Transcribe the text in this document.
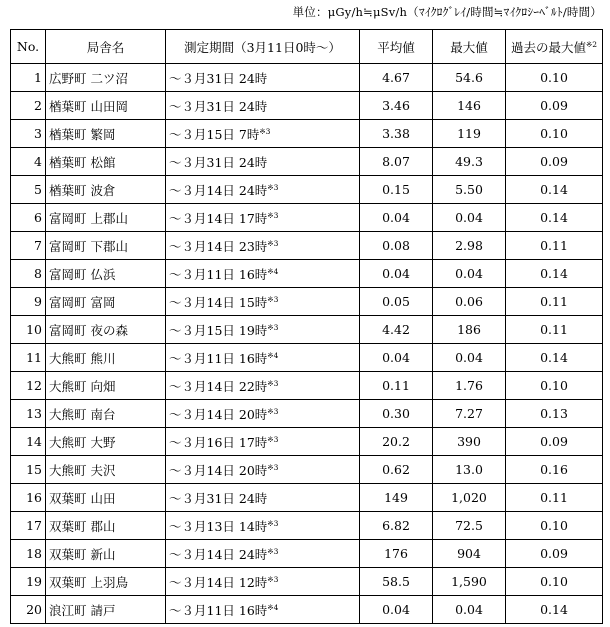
単位：μGy/h≒μSv/h（ﾏｲｸﾛｸﾞﾚｲ/時間≒ﾏｲｸﾛｼｰﾍﾞﾙﾄ/時間）
No.	局舎名	測定期間（3月11日0時～）	平均値	最大値	過去の最大値$^{※2}$
1	広野町 二ツ沼	～３月31日 24時	4.67	54.6	0.10
2	楢葉町 山田岡	～３月31日 24時	3.46	146	0.09
3	楢葉町 繁岡	～３月15日 7時$^{※3}$	3.38	119	0.10
4	楢葉町 松館	～３月31日 24時	8.07	49.3	0.09
5	楢葉町 波倉	～３月14日 24時$^{※3}$	0.15	5.50	0.14
6	富岡町 上郡山	～３月14日 17時$^{※3}$	0.04	0.04	0.14
7	富岡町 下郡山	～３月14日 23時$^{※3}$	0.08	2.98	0.11
8	富岡町 仏浜	～３月11日 16時$^{※4}$	0.04	0.04	0.14
9	富岡町 富岡	～３月14日 15時$^{※3}$	0.05	0.06	0.11
10	富岡町 夜の森	～３月15日 19時$^{※3}$	4.42	186	0.11
11	大熊町 熊川	～３月11日 16時$^{※4}$	0.04	0.04	0.14
12	大熊町 向畑	～３月14日 22時$^{※3}$	0.11	1.76	0.10
13	大熊町 南台	～３月14日 20時$^{※3}$	0.30	7.27	0.13
14	大熊町 大野	～３月16日 17時$^{※3}$	20.2	390	0.09
15	大熊町 夫沢	～３月14日 20時$^{※3}$	0.62	13.0	0.16
16	双葉町 山田	～３月31日 24時	149	1,020	0.11
17	双葉町 郡山	～３月13日 14時$^{※3}$	6.82	72.5	0.10
18	双葉町 新山	～３月14日 24時$^{※3}$	176	904	0.09
19	双葉町 上羽鳥	～３月14日 12時$^{※3}$	58.5	1,590	0.10
20	浪江町 請戸	～３月11日 16時$^{※4}$	0.04	0.04	0.14
